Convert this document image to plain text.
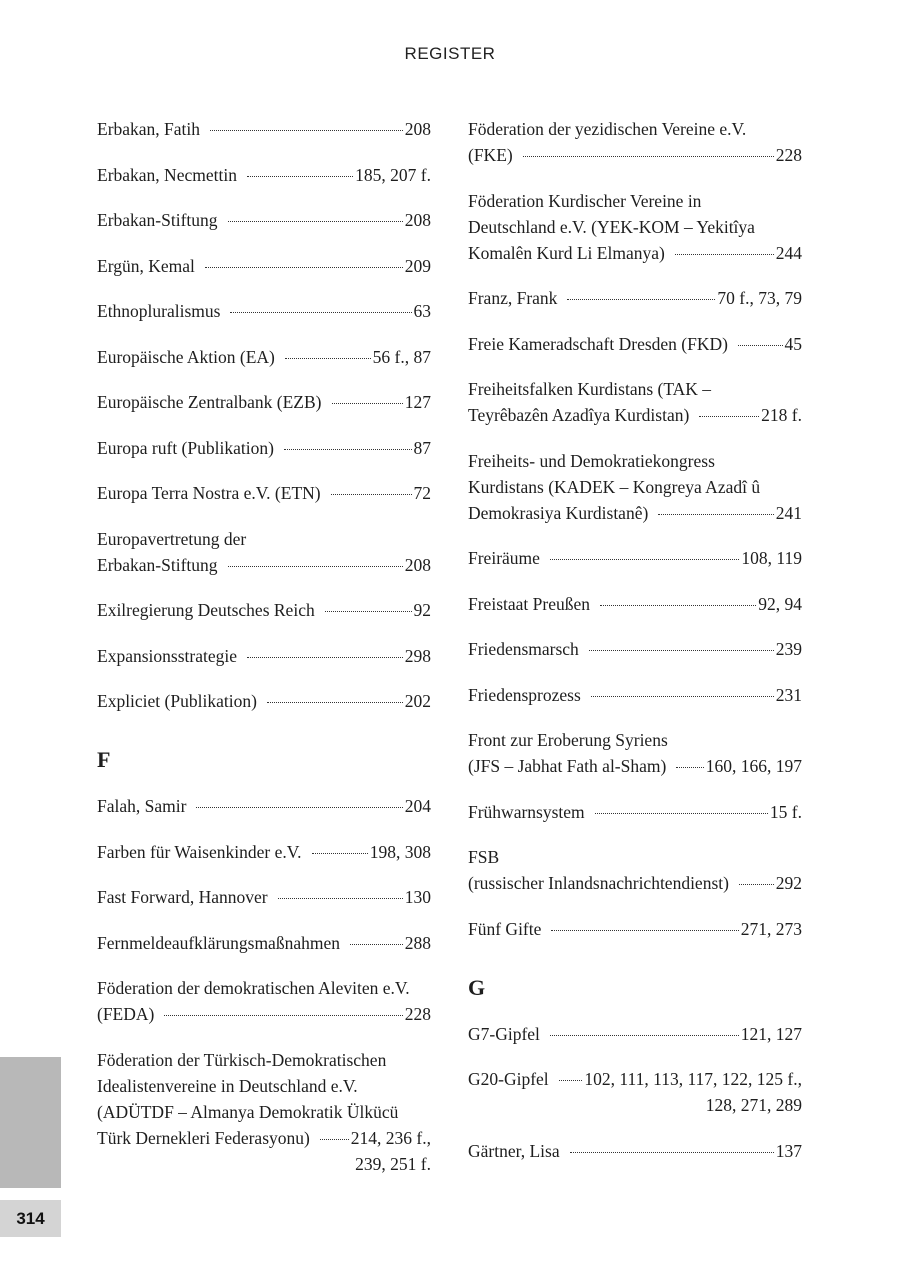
REGISTER
Erbakan, Fatih	208
Erbakan, Necmettin	185, 207 f.
Erbakan-Stiftung	208
Ergün, Kemal	209
Ethnopluralismus	63
Europäische Aktion (EA)	56 f., 87
Europäische Zentralbank (EZB)	127
Europa ruft (Publikation)	87
Europa Terra Nostra e.V. (ETN)	72
Europavertretung der
Erbakan-Stiftung	208
Exilregierung Deutsches Reich	92
Expansionsstrategie	298
Expliciet (Publikation)	202
F
Falah, Samir	204
Farben für Waisenkinder e.V.	198, 308
Fast Forward, Hannover	130
Fernmeldeaufklärungsmaßnahmen	288
Föderation der demokratischen Aleviten e.V.
(FEDA)	228
Föderation der Türkisch-Demokratischen
Idealistenvereine in Deutschland e.V.
(ADÜTDF – Almanya Demokratik Ülkücü
Türk Dernekleri Federasyonu) 214, 236 f.,
239, 251 f.
Föderation der yezidischen Vereine e.V.
(FKE)	228
Föderation Kurdischer Vereine in
Deutschland e.V. (YEK-KOM – Yekitîya
Komalên Kurd Li Elmanya)	244
Franz, Frank	70 f., 73, 79
Freie Kameradschaft Dresden (FKD)	45
Freiheitsfalken Kurdistans (TAK –
Teyrêbazên Azadîya Kurdistan)	218 f.
Freiheits- und Demokratiekongress
Kurdistans (KADEK – Kongreya Azadî û
Demokrasiya Kurdistanê)	241
Freiräume	108, 119
Freistaat Preußen	92, 94
Friedensmarsch	239
Friedensprozess	231
Front zur Eroberung Syriens
(JFS – Jabhat Fath al-Sham) 160, 166, 197
Frühwarnsystem	15 f.
FSB
(russischer Inlandsnachrichtendienst)	292
Fünf Gifte	271, 273
G
G7-Gipfel	121, 127
G20-Gipfel 102, 111, 113, 117, 122, 125 f.,
128, 271, 289
Gärtner, Lisa	137
314
